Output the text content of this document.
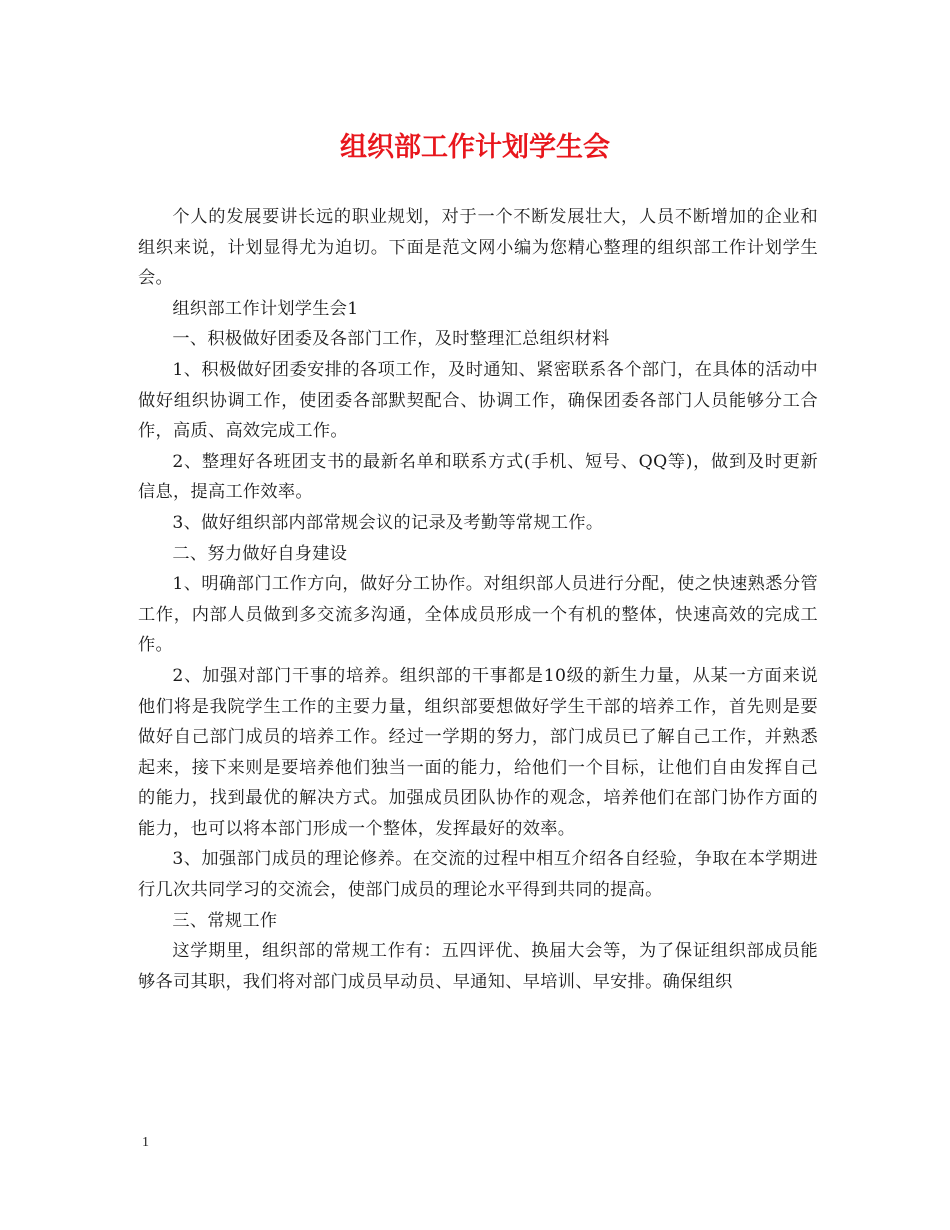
组织部工作计划学生会

个人的发展要讲长远的职业规划，对于一个不断发展壮大，人员不断增加的企业和组织来说，计划显得尤为迫切。下面是范文网小编为您精心整理的组织部工作计划学生会。

组织部工作计划学生会1

一、积极做好团委及各部门工作，及时整理汇总组织材料

1、积极做好团委安排的各项工作，及时通知、紧密联系各个部门，在具体的活动中做好组织协调工作，使团委各部默契配合、协调工作，确保团委各部门人员能够分工合作，高质、高效完成工作。

2、整理好各班团支书的最新名单和联系方式(手机、短号、QQ等)，做到及时更新信息，提高工作效率。

3、做好组织部内部常规会议的记录及考勤等常规工作。

二、努力做好自身建设

1、明确部门工作方向，做好分工协作。对组织部人员进行分配，使之快速熟悉分管工作，内部人员做到多交流多沟通，全体成员形成一个有机的整体，快速高效的完成工作。

2、加强对部门干事的培养。组织部的干事都是10级的新生力量，从某一方面来说他们将是我院学生工作的主要力量，组织部要想做好学生干部的培养工作，首先则是要做好自己部门成员的培养工作。经过一学期的努力，部门成员已了解自己工作，并熟悉起来，接下来则是要培养他们独当一面的能力，给他们一个目标，让他们自由发挥自己的能力，找到最优的解决方式。加强成员团队协作的观念，培养他们在部门协作方面的能力，也可以将本部门形成一个整体，发挥最好的效率。

3、加强部门成员的理论修养。在交流的过程中相互介绍各自经验，争取在本学期进行几次共同学习的交流会，使部门成员的理论水平得到共同的提高。

三、常规工作

这学期里，组织部的常规工作有：五四评优、换届大会等，为了保证组织部成员能够各司其职，我们将对部门成员早动员、早通知、早培训、早安排。确保组织

1
